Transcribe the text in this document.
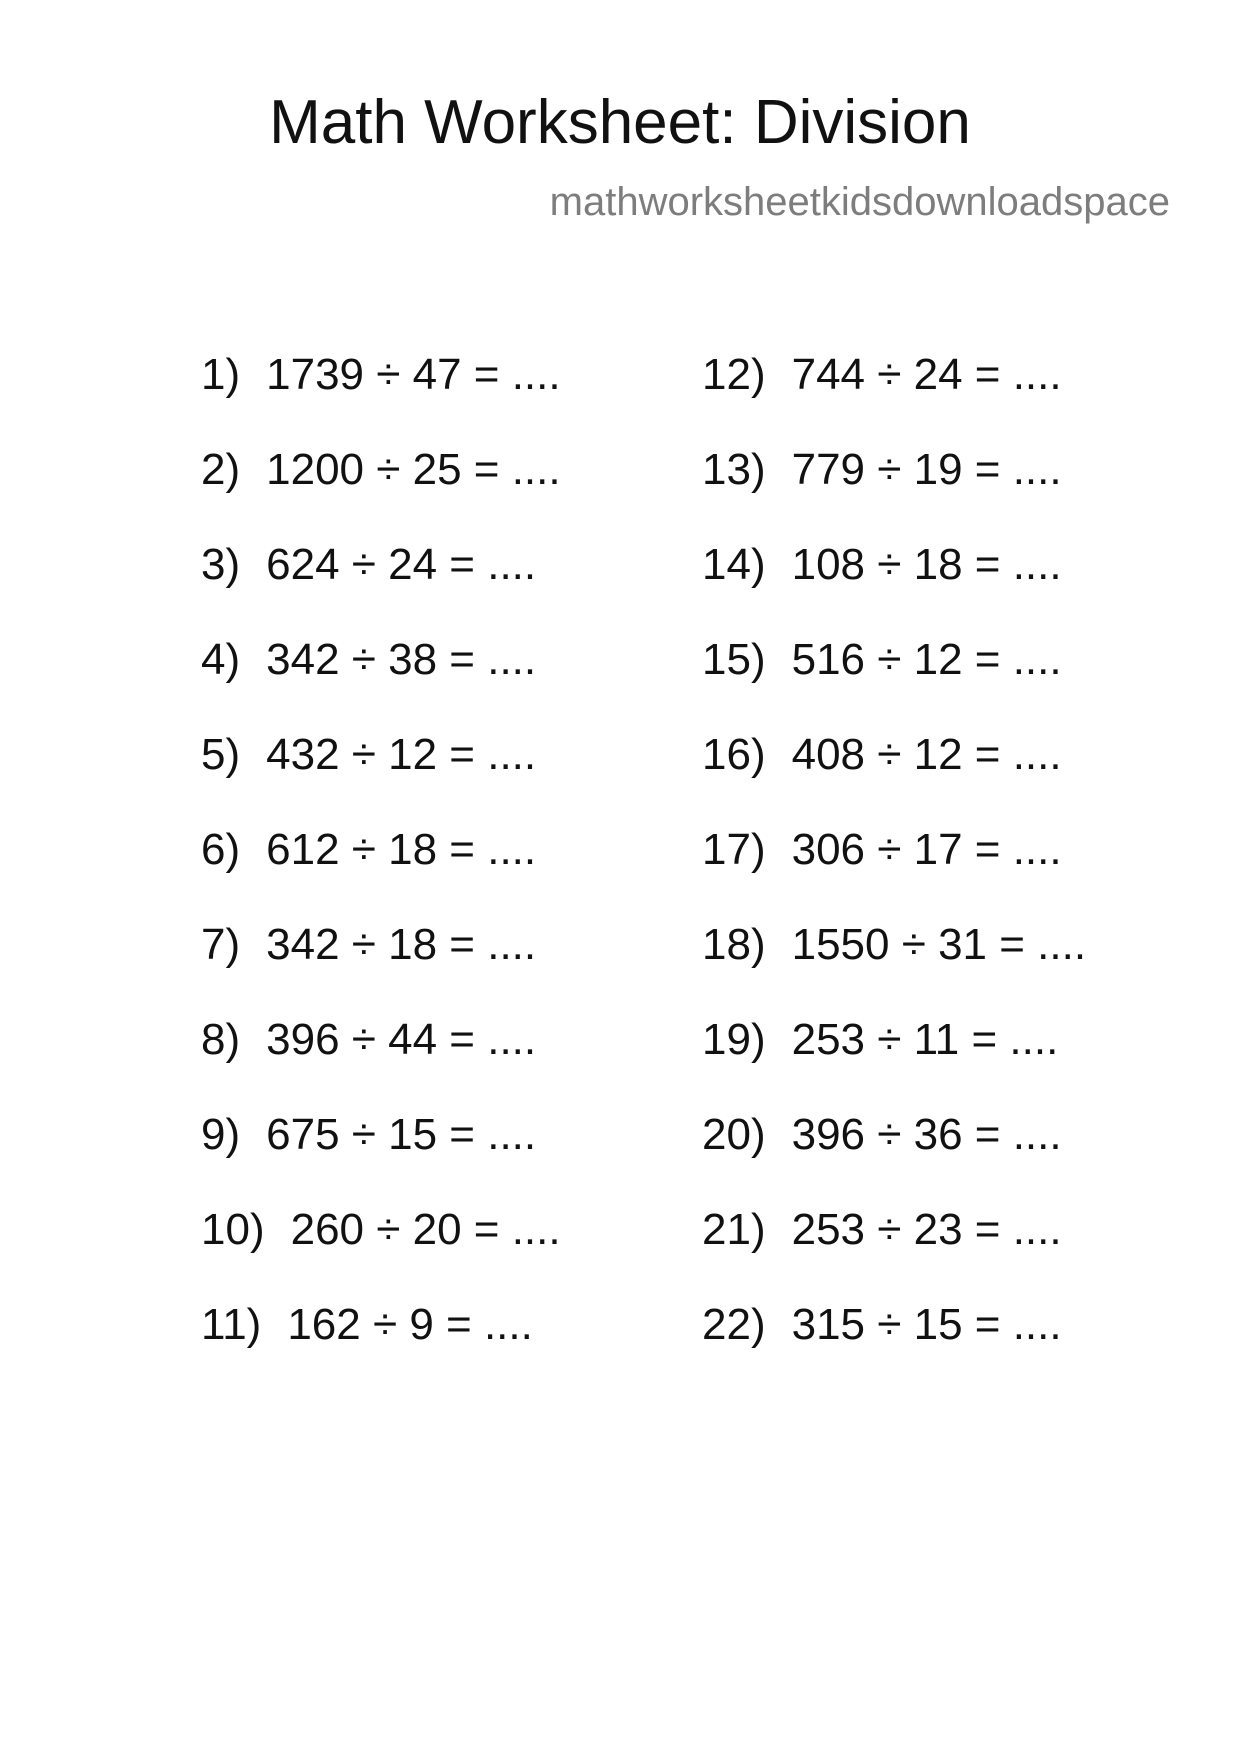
Math Worksheet: Division
mathworksheetkidsdownloadspace
1) 1739 ÷ 47 = ....
2) 1200 ÷ 25 = ....
3) 624 ÷ 24 = ....
4) 342 ÷ 38 = ....
5) 432 ÷ 12 = ....
6) 612 ÷ 18 = ....
7) 342 ÷ 18 = ....
8) 396 ÷ 44 = ....
9) 675 ÷ 15 = ....
10) 260 ÷ 20 = ....
11) 162 ÷ 9 = ....
12) 744 ÷ 24 = ....
13) 779 ÷ 19 = ....
14) 108 ÷ 18 = ....
15) 516 ÷ 12 = ....
16) 408 ÷ 12 = ....
17) 306 ÷ 17 = ....
18) 1550 ÷ 31 = ....
19) 253 ÷ 11 = ....
20) 396 ÷ 36 = ....
21) 253 ÷ 23 = ....
22) 315 ÷ 15 = ....
